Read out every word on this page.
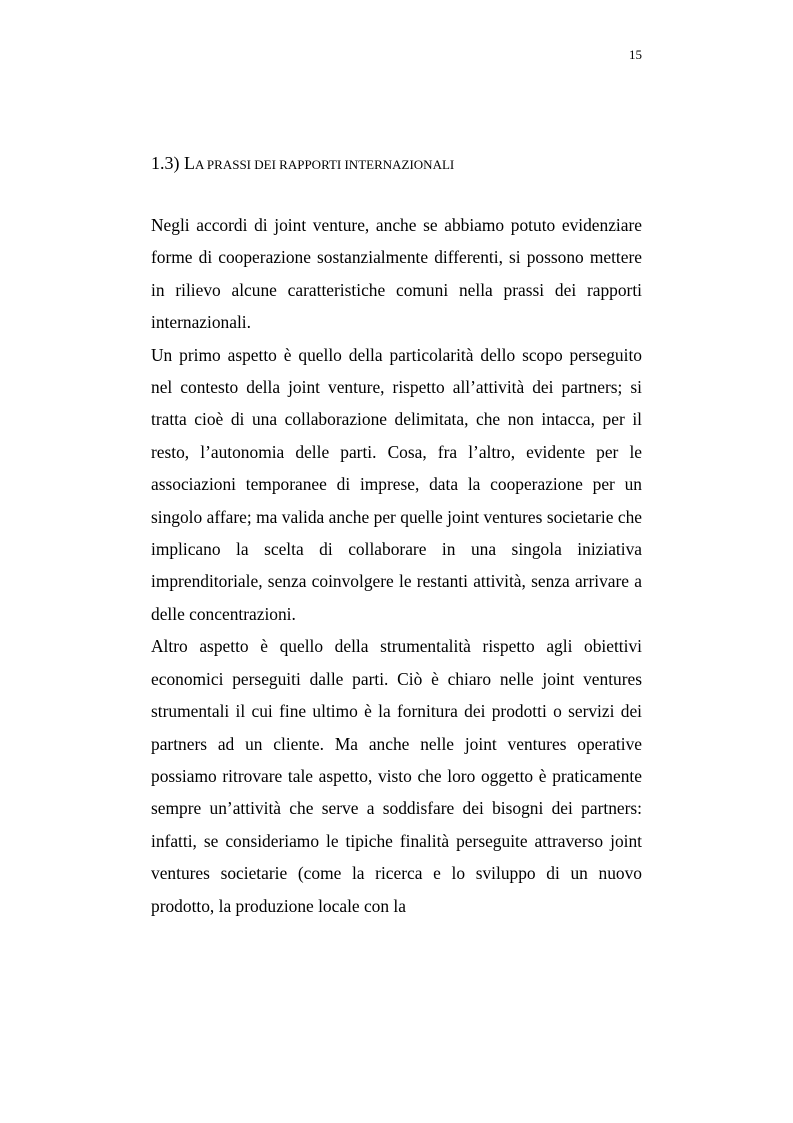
15
1.3) LA PRASSI DEI RAPPORTI INTERNAZIONALI

Negli accordi di joint venture, anche se abbiamo potuto evidenziare forme di cooperazione sostanzialmente differenti, si possono mettere in rilievo alcune caratteristiche comuni nella prassi dei rapporti internazionali.

Un primo aspetto è quello della particolarità dello scopo perseguito nel contesto della joint venture, rispetto all’attività dei partners; si tratta cioè di una collaborazione delimitata, che non intacca, per il resto, l’autonomia delle parti. Cosa, fra l’altro, evidente per le associazioni temporanee di imprese, data la cooperazione per un singolo affare; ma valida anche per quelle joint ventures societarie che implicano la scelta di collaborare in una singola iniziativa imprenditoriale, senza coinvolgere le restanti attività, senza arrivare a delle concentrazioni.

Altro aspetto è quello della strumentalità rispetto agli obiettivi economici perseguiti dalle parti. Ciò è chiaro nelle joint ventures strumentali il cui fine ultimo è la fornitura dei prodotti o servizi dei partners ad un cliente. Ma anche nelle joint ventures operative possiamo ritrovare tale aspetto, visto che loro oggetto è praticamente sempre un’attività che serve a soddisfare dei bisogni dei partners: infatti, se consideriamo le tipiche finalità perseguite attraverso joint ventures societarie (come la ricerca e lo sviluppo di un nuovo prodotto, la produzione locale con la
